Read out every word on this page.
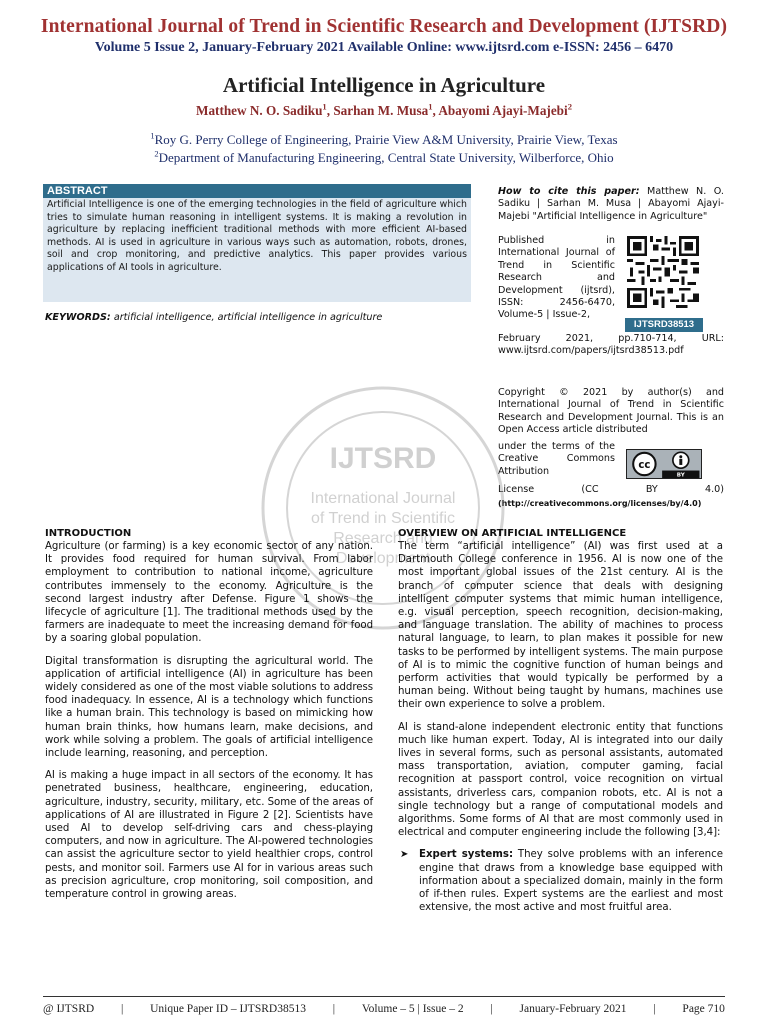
International Journal of Trend in Scientific Research and Development (IJTSRD)
Volume 5 Issue 2, January-February 2021 Available Online: www.ijtsrd.com e-ISSN: 2456 – 6470
Artificial Intelligence in Agriculture
Matthew N. O. Sadiku$^1$, Sarhan M. Musa$^1$, Abayomi Ajayi-Majebi$^2$
$^1$Roy G. Perry College of Engineering, Prairie View A&M University, Prairie View, Texas
$^2$Department of Manufacturing Engineering, Central State University, Wilberforce, Ohio
ABSTRACT
Artificial Intelligence is one of the emerging technologies in the field of agriculture which tries to simulate human reasoning in intelligent systems. It is making a revolution in agriculture by replacing inefficient traditional methods with more efficient AI-based methods. AI is used in agriculture in various ways such as automation, robots, drones, soil and crop monitoring, and predictive analytics. This paper provides various applications of AI tools in agriculture.
KEYWORDS: artificial intelligence, artificial intelligence in agriculture
How to cite this paper: Matthew N. O. Sadiku | Sarhan M. Musa | Abayomi Ajayi-Majebi "Artificial Intelligence in Agriculture"
Published in International Journal of Trend in Scientific Research and Development (ijtsrd), ISSN: 2456-6470, Volume-5 | Issue-2,
February 2021, pp.710-714, URL: www.ijtsrd.com/papers/ijtsrd38513.pdf
IJTSRD38513
Copyright © 2021 by author(s) and International Journal of Trend in Scientific Research and Development Journal. This is an Open Access article distributed
under the terms of the Creative Commons Attribution
License	(CC	BY	4.0)
(http://creativecommons.org/licenses/by/4.0)
cc
BY
IJTSRD
International Journal
of Trend in Scientific
Research and
Development
INTRODUCTION

Agriculture (or farming) is a key economic sector of any nation. It provides food required for human survival. From labor employment to contribution to national income, agriculture contributes immensely to the economy. Agriculture is the second largest industry after Defense. Figure 1 shows the lifecycle of agriculture [1]. The traditional methods used by the farmers are inadequate to meet the increasing demand for food by a soaring global population.

Digital transformation is disrupting the agricultural world. The application of artificial intelligence (AI) in agriculture has been widely considered as one of the most viable solutions to address food inadequacy. In essence, AI is a technology which functions like a human brain. This technology is based on mimicking how human brain thinks, how humans learn, make decisions, and work while solving a problem. The goals of artificial intelligence include learning, reasoning, and perception.

AI is making a huge impact in all sectors of the economy. It has penetrated business, healthcare, engineering, education, agriculture, industry, security, military, etc. Some of the areas of applications of AI are illustrated in Figure 2 [2]. Scientists have used AI to develop self-driving cars and chess-playing computers, and now in agriculture. The AI-powered technologies can assist the agriculture sector to yield healthier crops, control pests, and monitor soil. Farmers use AI for in various areas such as precision agriculture, crop monitoring, soil composition, and temperature control in growing areas.

OVERVIEW ON ARTIFICIAL INTELLIGENCE

The term “artificial intelligence” (AI) was first used at a Dartmouth College conference in 1956. AI is now one of the most important global issues of the 21st century. AI is the branch of computer science that deals with designing intelligent computer systems that mimic human intelligence, e.g. visual perception, speech recognition, decision-making, and language translation. The ability of machines to process natural language, to learn, to plan makes it possible for new tasks to be performed by intelligent systems. The main purpose of AI is to mimic the cognitive function of human beings and perform activities that would typically be performed by a human being. Without being taught by humans, machines use their own experience to solve a problem.

AI is stand-alone independent electronic entity that functions much like human expert. Today, AI is integrated into our daily lives in several forms, such as personal assistants, automated mass transportation, aviation, computer gaming, facial recognition at passport control, voice recognition on virtual assistants, driverless cars, companion robots, etc. AI is not a single technology but a range of computational models and algorithms. Some forms of AI that are most commonly used in electrical and computer engineering include the following [3,4]:

➤ Expert systems: They solve problems with an inference engine that draws from a knowledge base equipped with information about a specialized domain, mainly in the form of if-then rules. Expert systems are the earliest and most extensive, the most active and most fruitful area.
@ IJTSRD | Unique Paper ID – IJTSRD38513 | Volume – 5 | Issue – 2 | January-February 2021 | Page 710
